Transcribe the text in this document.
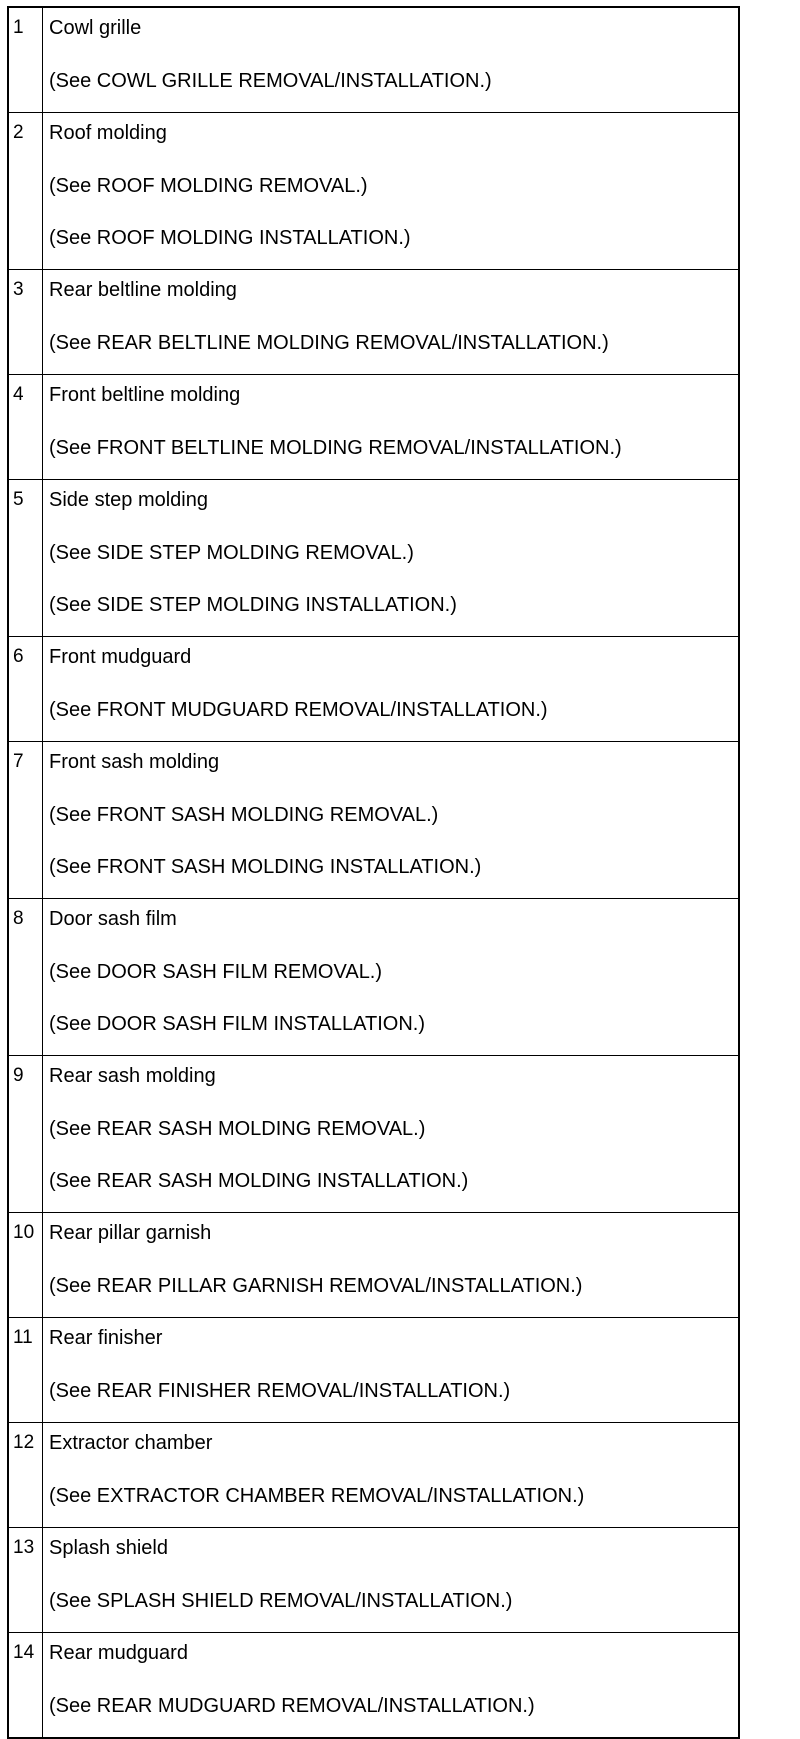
1	Cowl grille
(See COWL GRILLE REMOVAL/INSTALLATION.)
2	Roof molding
(See ROOF MOLDING REMOVAL.)
(See ROOF MOLDING INSTALLATION.)
3	Rear beltline molding
(See REAR BELTLINE MOLDING REMOVAL/INSTALLATION.)
4	Front beltline molding
(See FRONT BELTLINE MOLDING REMOVAL/INSTALLATION.)
5	Side step molding
(See SIDE STEP MOLDING REMOVAL.)
(See SIDE STEP MOLDING INSTALLATION.)
6	Front mudguard
(See FRONT MUDGUARD REMOVAL/INSTALLATION.)
7	Front sash molding
(See FRONT SASH MOLDING REMOVAL.)
(See FRONT SASH MOLDING INSTALLATION.)
8	Door sash film
(See DOOR SASH FILM REMOVAL.)
(See DOOR SASH FILM INSTALLATION.)
9	Rear sash molding
(See REAR SASH MOLDING REMOVAL.)
(See REAR SASH MOLDING INSTALLATION.)
10 Rear pillar garnish
(See REAR PILLAR GARNISH REMOVAL/INSTALLATION.)
11 Rear finisher
(See REAR FINISHER REMOVAL/INSTALLATION.)
12 Extractor chamber
(See EXTRACTOR CHAMBER REMOVAL/INSTALLATION.)
13 Splash shield
(See SPLASH SHIELD REMOVAL/INSTALLATION.)
14 Rear mudguard
(See REAR MUDGUARD REMOVAL/INSTALLATION.)
